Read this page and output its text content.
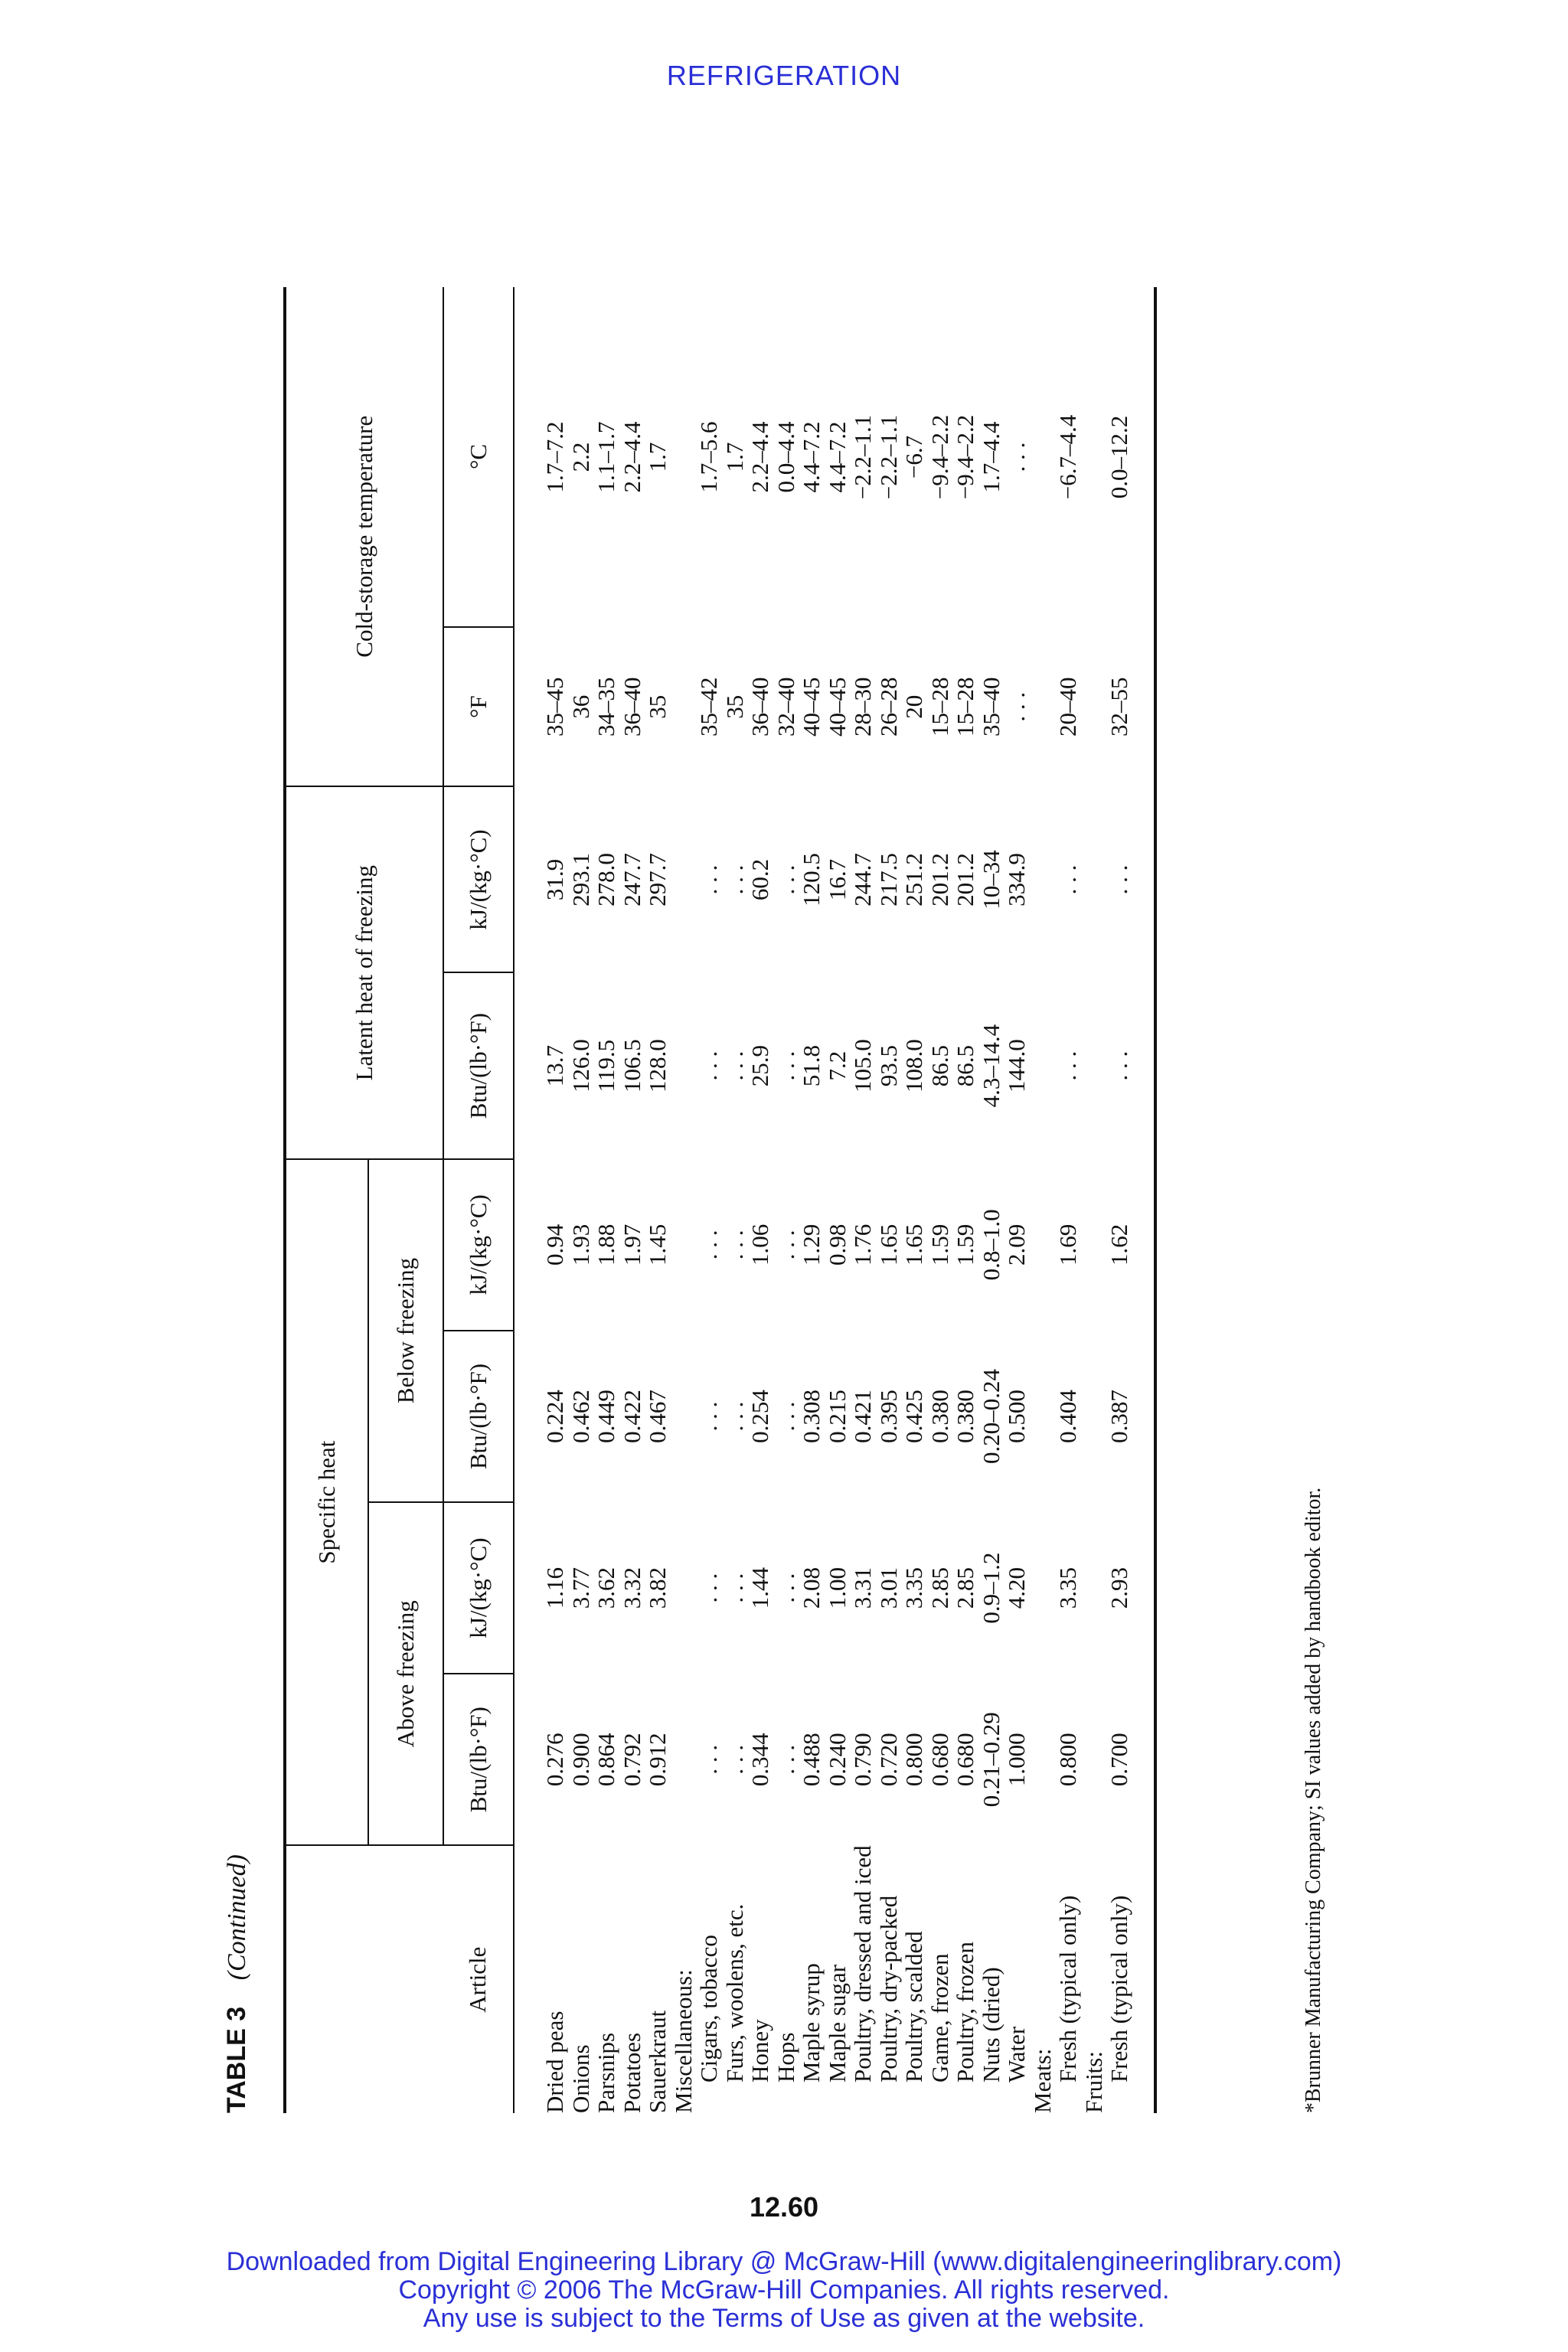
REFRIGERATION
TABLE 3 (Continued)	Article	Specific heat				Latent heat of freezing		Cold-storage temperature	
	Above freezing		Below freezing					
	Btu/(lb·°F)	kJ/(kg·°C)	Btu/(lb·°F)	kJ/(kg·°C)	Btu/(lb·°F)	kJ/(kg·°C)	°F	°C
Dried peas	0.276	1.16	0.224	0.94	13.7	31.9	35–45	1.7–7.2
Onions	0.900	3.77	0.462	1.93	126.0	293.1	36	2.2
Parsnips	0.864	3.62	0.449	1.88	119.5	278.0	34–35	1.1–1.7
Potatoes	0.792	3.32	0.422	1.97	106.5	247.7	36–40	2.2–4.4
Sauerkraut	0.912	3.82	0.467	1.45	128.0	297.7	35	1.7
Miscellaneous:								
Cigars, tobacco	. . .	. . .	. . .	. . .	. . .	. . .	35–42	1.7–5.6
Furs, woolens, etc.	. . .	. . .	. . .	. . .	. . .	. . .	35	1.7
Honey	0.344	1.44	0.254	1.06	25.9	60.2	36–40	2.2–4.4
Hops	. . .	. . .	. . .	. . .	. . .	. . .	32–40	0.0–4.4
Maple syrup	0.488	2.08	0.308	1.29	51.8	120.5	40–45	4.4–7.2
Maple sugar	0.240	1.00	0.215	0.98	7.2	16.7	40–45	4.4–7.2
Poultry, dressed and iced	0.790	3.31	0.421	1.76	105.0	244.7	28–30	−2.2–1.1
Poultry, dry-packed	0.720	3.01	0.395	1.65	93.5	217.5	26–28	−2.2–1.1
Poultry, scalded	0.800	3.35	0.425	1.65	108.0	251.2	20	−6.7
Game, frozen	0.680	2.85	0.380	1.59	86.5	201.2	15–28	−9.4–2.2
Poultry, frozen	0.680	2.85	0.380	1.59	86.5	201.2	15–28	−9.4–2.2
Nuts (dried)	0.21–0.29	0.9–1.2	0.20–0.24	0.8–1.0	4.3–14.4	10–34	35–40	1.7–4.4
Water	1.000	4.20	0.500	2.09	144.0	334.9	. . .	. . .
Meats:								
Fresh (typical only)	0.800	3.35	0.404	1.69	. . .	. . .	20–40	−6.7–4.4
Fruits:								
Fresh (typical only)	0.700	2.93	0.387	1.62	. . .	. . .	32–55	0.0–12.2
*Brunner Manufacturing Company; SI values added by handbook editor.
12.60
Downloaded from Digital Engineering Library @ McGraw-Hill (www.digitalengineeringlibrary.com)
Copyright © 2006 The McGraw-Hill Companies. All rights reserved.
Any use is subject to the Terms of Use as given at the website.
